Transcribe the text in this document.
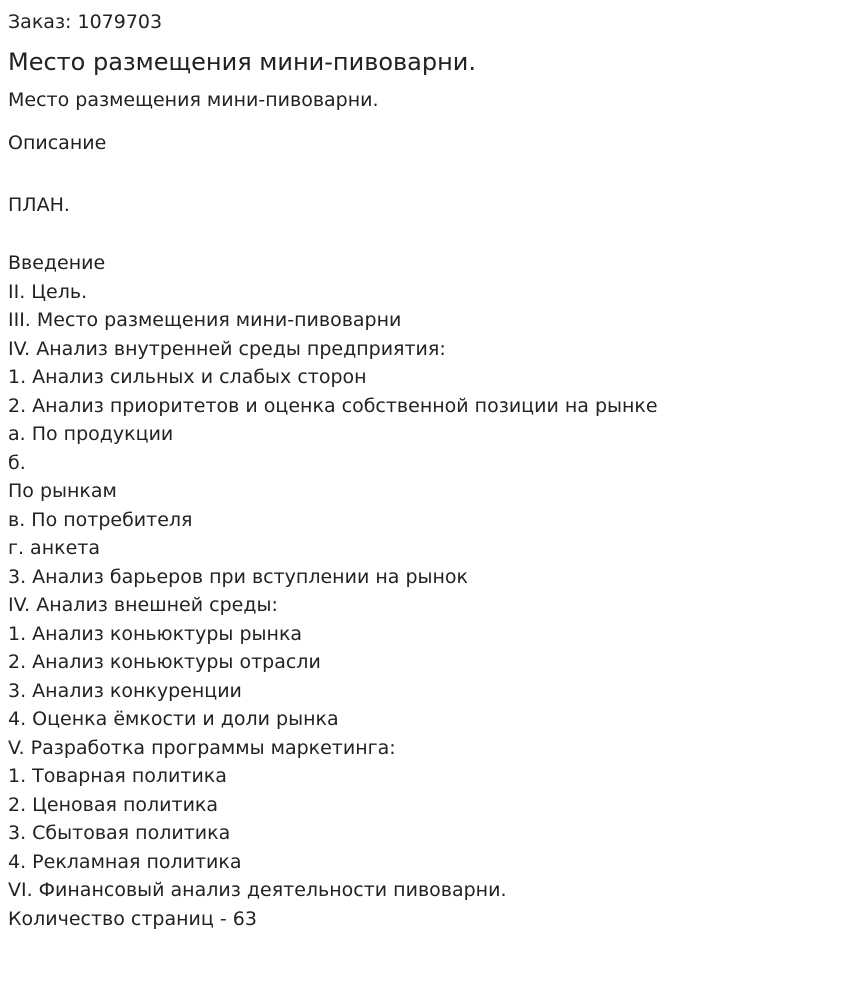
Заказ: 1079703
Место размещения мини-пивоварни.
Место размещения мини-пивоварни.
Описание
ПЛАН.
Введение
II. Цель.
III. Место размещения мини-пивоварни
IV. Анализ внутренней среды предприятия:
1. Анализ сильных и слабых сторон
2. Анализ приоритетов и оценка собственной позиции на рынке
а. По продукции
б.
По рынкам
в. По потребителя
г. анкета
3. Анализ барьеров при вступлении на рынок
IV. Анализ внешней среды:
1. Анализ коньюктуры рынка
2. Анализ коньюктуры отрасли
3. Анализ конкуренции
4. Оценка ёмкости и доли рынка
V. Разработка программы маркетинга:
1. Товарная политика
2. Ценовая политика
3. Сбытовая политика
4. Рекламная политика
VI. Финансовый анализ деятельности пивоварни.
Количество страниц - 63
